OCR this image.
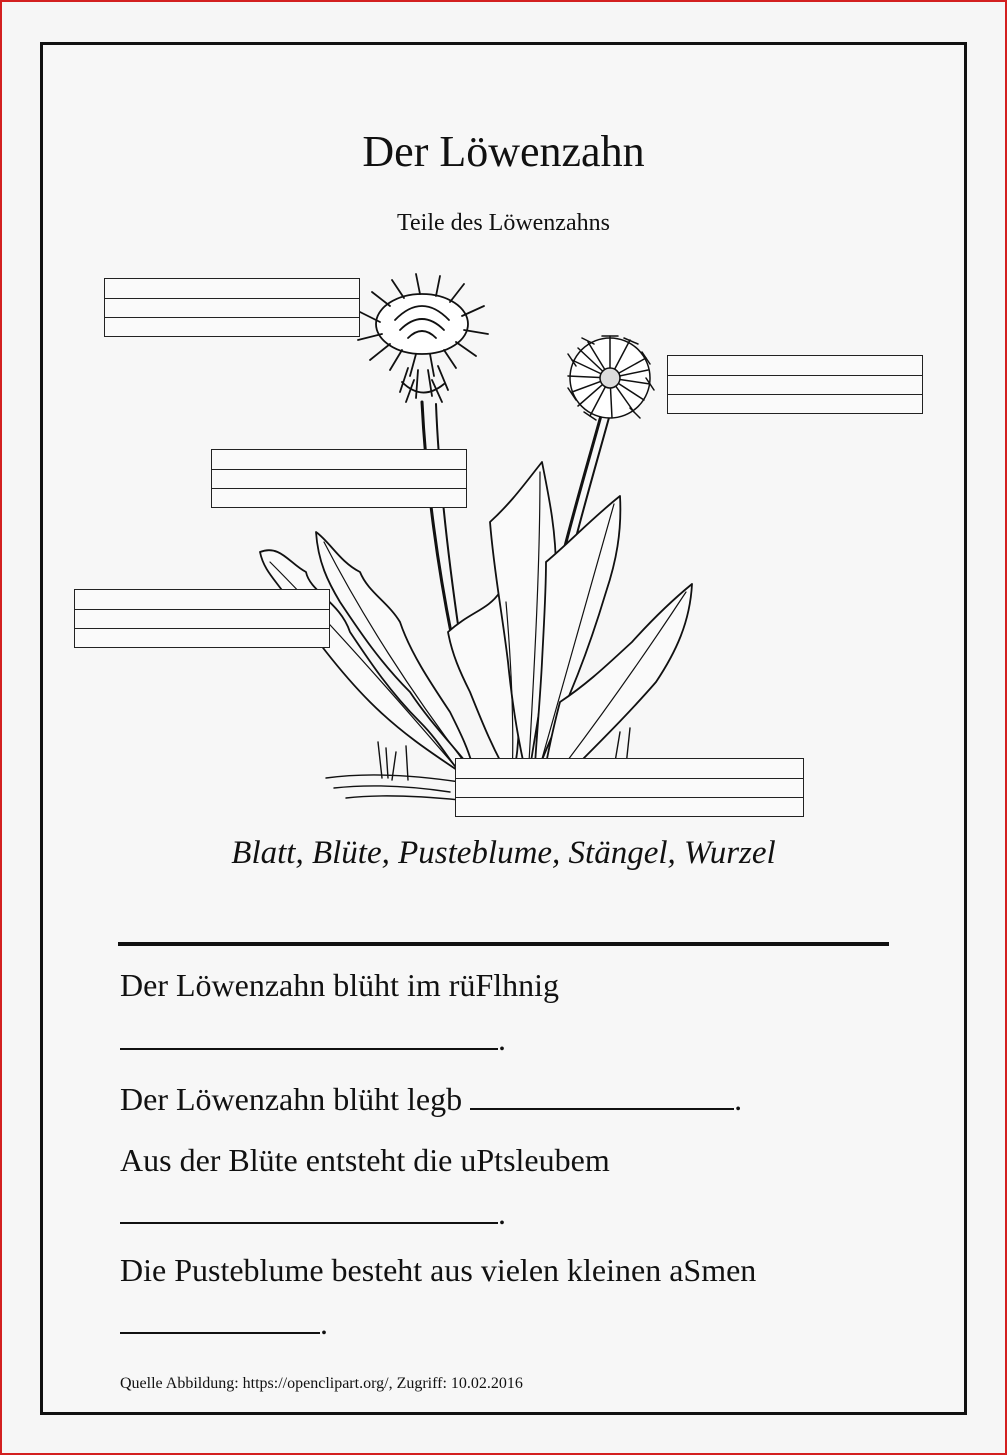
Der Löwenzahn
Teile des Löwenzahns
Blatt, Blüte, Pusteblume, Stängel, Wurzel
Der Löwenzahn blüht im rüFlhnig
.
Der Löwenzahn blüht legb	.
Aus der Blüte entsteht die uPtsleubem
.
Die Pusteblume besteht aus vielen kleinen aSmen
.
Quelle Abbildung: https://openclipart.org/, Zugriff: 10.02.2016
